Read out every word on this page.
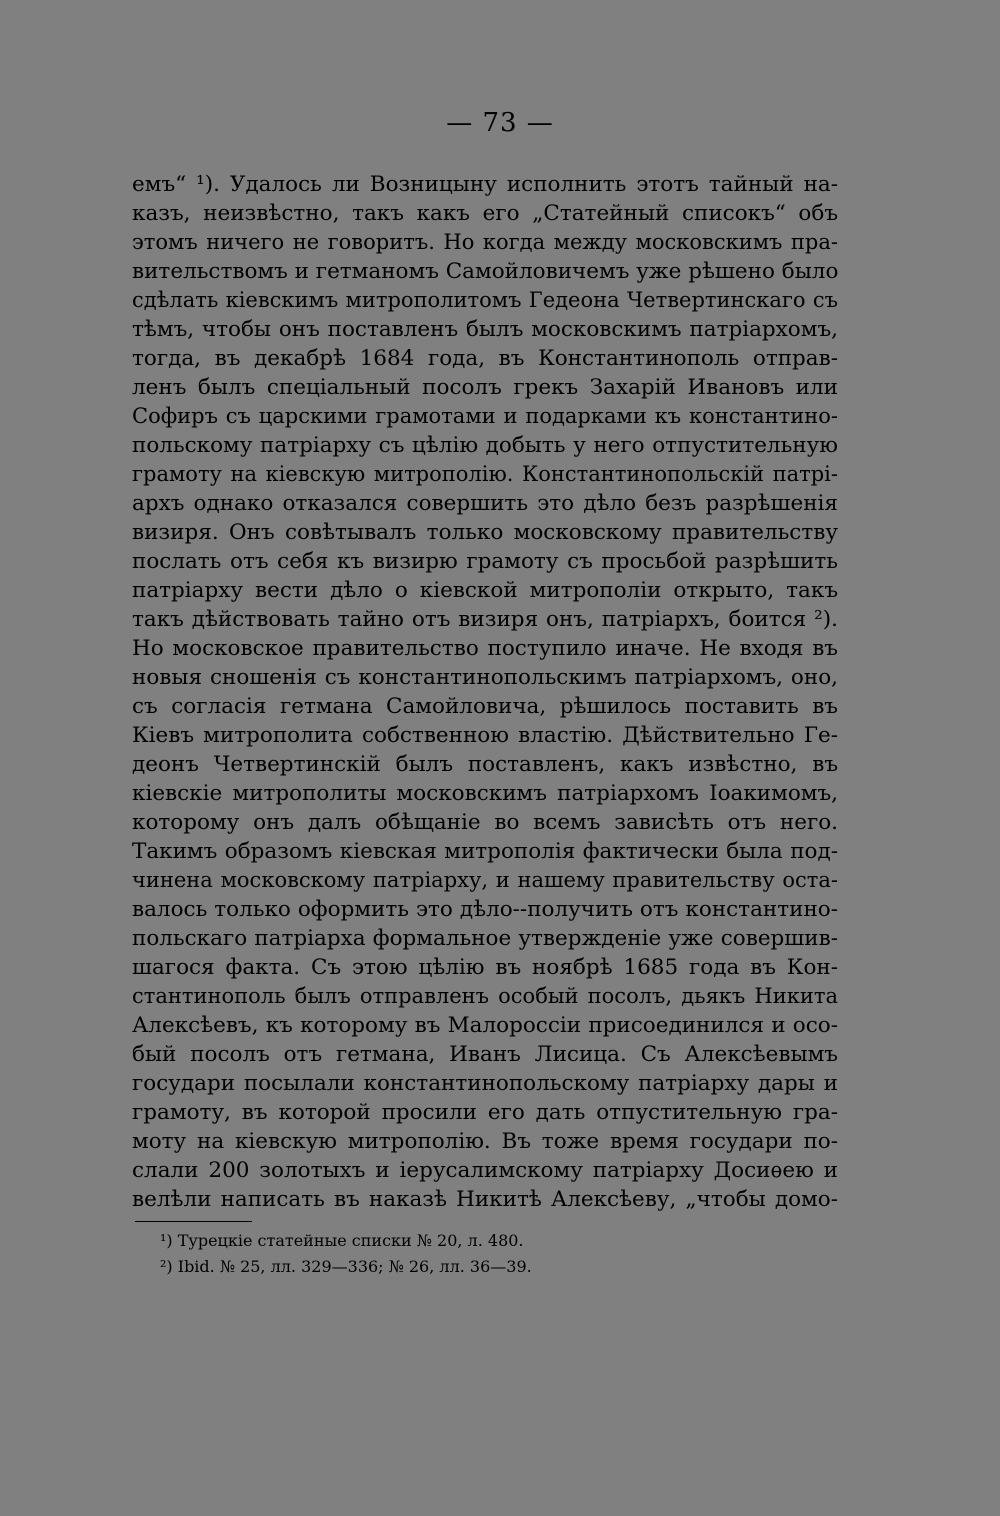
— 73 —
емъ“ ¹). Удалось ли Возницыну исполнить этотъ тайный на-
казъ, неизвѣстно, такъ какъ его „Статейный списокъ“ объ
этомъ ничего не говоритъ. Но когда между московскимъ пра-
вительствомъ и гетманомъ Самойловичемъ уже рѣшено было
сдѣлать кіевскимъ митрополитомъ Гедеона Четвертинскаго съ
тѣмъ, чтобы онъ поставленъ былъ московскимъ патріархомъ,
тогда, въ декабрѣ 1684 года, въ Константинополь отправ-
ленъ былъ спеціальный посолъ грекъ Захарій Ивановъ или
Софиръ съ царскими грамотами и подарками къ константино-
польскому патріарху съ цѣлію добыть у него отпустительную
грамоту на кіевскую митрополію. Константинопольскій патрі-
архъ однако отказался совершить это дѣло безъ разрѣшенія
визиря. Онъ совѣтывалъ только московскому правительству
послать отъ себя къ визирю грамоту съ просьбой разрѣшить
патріарху вести дѣло о кіевской митрополіи открыто, такъ
такъ дѣйствовать тайно отъ визиря онъ, патріархъ, боится ²).
Но московское правительство поступило иначе. Не входя въ
новыя сношенія съ константинопольскимъ патріархомъ, оно,
съ согласія гетмана Самойловича, рѣшилось поставить въ
Кіевъ митрополита собственною властію. Дѣйствительно Ге-
деонъ Четвертинскій былъ поставленъ, какъ извѣстно, въ
кіевскіе митрополиты московскимъ патріархомъ Іоакимомъ,
которому онъ далъ обѣщаніе во всемъ зависѣть отъ него.
Такимъ образомъ кіевская митрополія фактически была под-
чинена московскому патріарху, и нашему правительству оста-
валось только оформить это дѣло--получить отъ константино-
польскаго патріарха формальное утвержденіе уже совершив-
шагося факта. Съ этою цѣлію въ ноябрѣ 1685 года въ Кон-
стантинополь былъ отправленъ особый посолъ, дьякъ Никита
Алексѣевъ, къ которому въ Малороссіи присоединился и осо-
бый посолъ отъ гетмана, Иванъ Лисица. Съ Алексѣевымъ
государи посылали константинопольскому патріарху дары и
грамоту, въ которой просили его дать отпустительную гра-
моту на кіевскую митрополію. Въ тоже время государи по-
слали 200 золотыхъ и іерусалимскому патріарху Досиѳею и
велѣли написать въ наказѣ Никитѣ Алексѣеву, „чтобы домо-
¹) Турецкіе статейные списки № 20, л. 480.
²) Ibid. № 25, лл. 329—336; № 26, лл. 36—39.
